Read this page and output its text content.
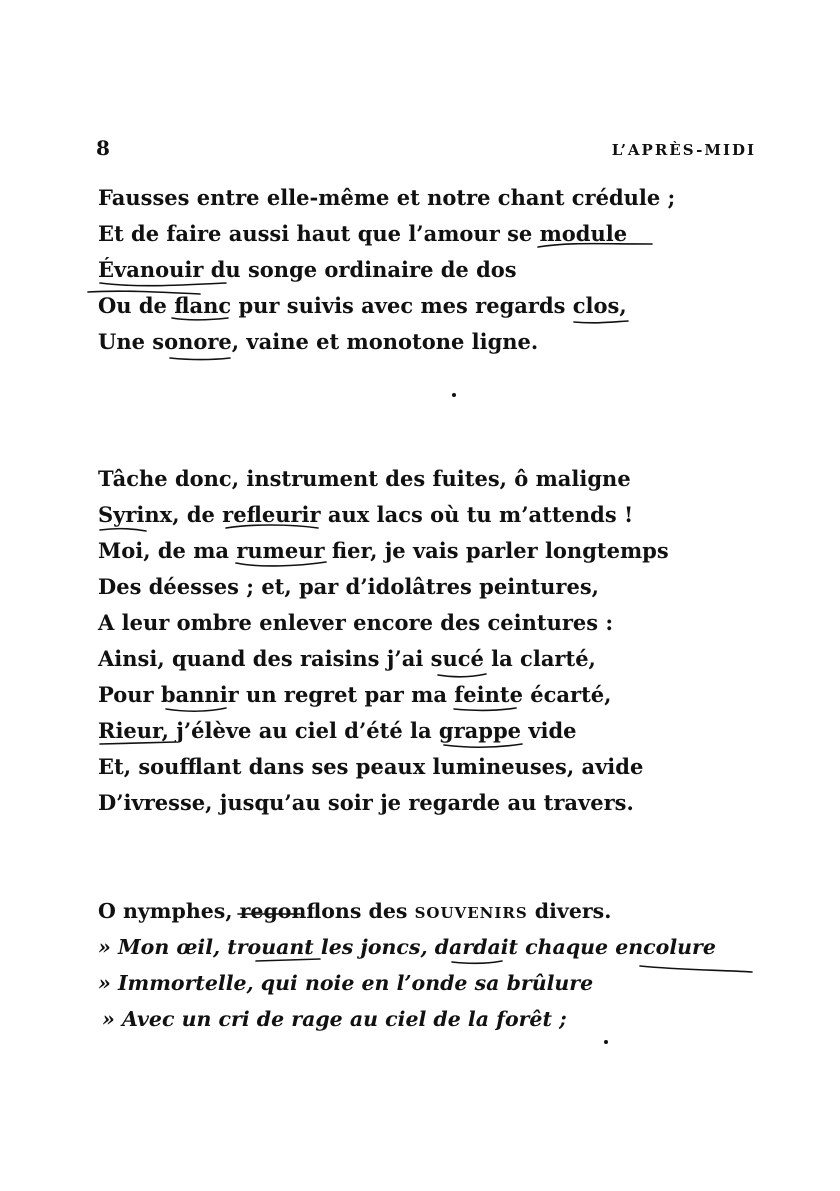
8	L’APRÈS-MIDI
Fausses entre elle-même et notre chant crédule ;
Et de faire aussi haut que l’amour se module
Évanouir du songe ordinaire de dos
Ou de flanc pur suivis avec mes regards clos,
Une sonore, vaine et monotone ligne.
Tâche donc, instrument des fuites, ô maligne
Syrinx, de refleurir aux lacs où tu m’attends !
Moi, de ma rumeur fier, je vais parler longtemps
Des déesses ; et, par d’idolâtres peintures,
A leur ombre enlever encore des ceintures :
Ainsi, quand des raisins j’ai sucé la clarté,
Pour bannir un regret par ma feinte écarté,
Rieur, j’élève au ciel d’été la grappe vide
Et, soufflant dans ses peaux lumineuses, avide
D’ivresse, jusqu’au soir je regarde au travers.
O nymphes, regonflons des SOUVENIRS divers.
» Mon œil, trouant les joncs, dardait chaque encolure
» Immortelle, qui noie en l’onde sa brûlure
» Avec un cri de rage au ciel de la forêt ;
